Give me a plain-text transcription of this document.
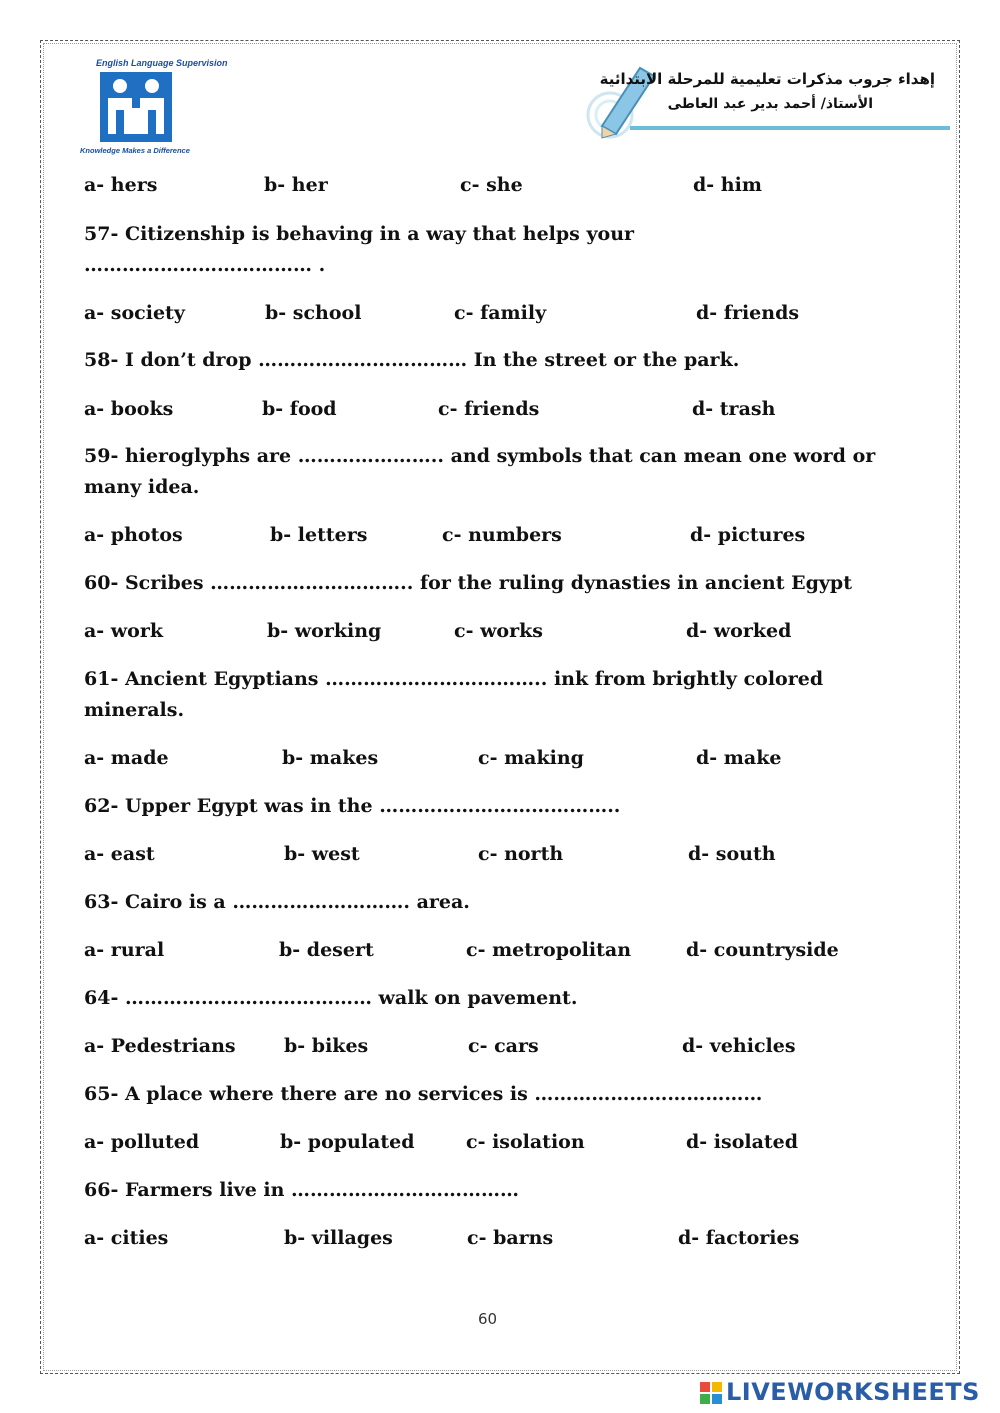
English Language Supervision
Knowledge Makes a Difference
إهداء جروب مذكرات تعليمية للمرحلة الابتدائية
الأستاذ/ أحمد بدير عبد العاطى
a- hers	b- her	c- she	d- him
57- Citizenship is behaving in a way that helps your ……………………………… .
a- society	b- school	c- family	d- friends
58- I don’t drop …………………………… In the street or the park.
a- books	b- food	c- friends	d- trash
59- hieroglyphs are ………………….. and symbols that can mean one word or many idea.
a- photos	b- letters	c- numbers	d- pictures
60- Scribes ………………………….. for the ruling dynasties in ancient Egypt
a- work	b- working	c- works	d- worked
61- Ancient Egyptians …………………………….. ink from brightly colored minerals.
a- made	b- makes	c- making	d- make
62- Upper Egypt was in the ………………………………..
a- east	b- west	c- north	d- south
63- Cairo is a ………………………. area.
a- rural	b- desert	c- metropolitan	d- countryside
64- ………………………………… walk on pavement.
a- Pedestrians	b- bikes	c- cars	d- vehicles
65- A place where there are no services is ………………………………
a- polluted	b- populated	c- isolation	d- isolated
66- Farmers live in ………………………………
a- cities	b- villages	c- barns	d- factories
60
LIVEWORKSHEETS
